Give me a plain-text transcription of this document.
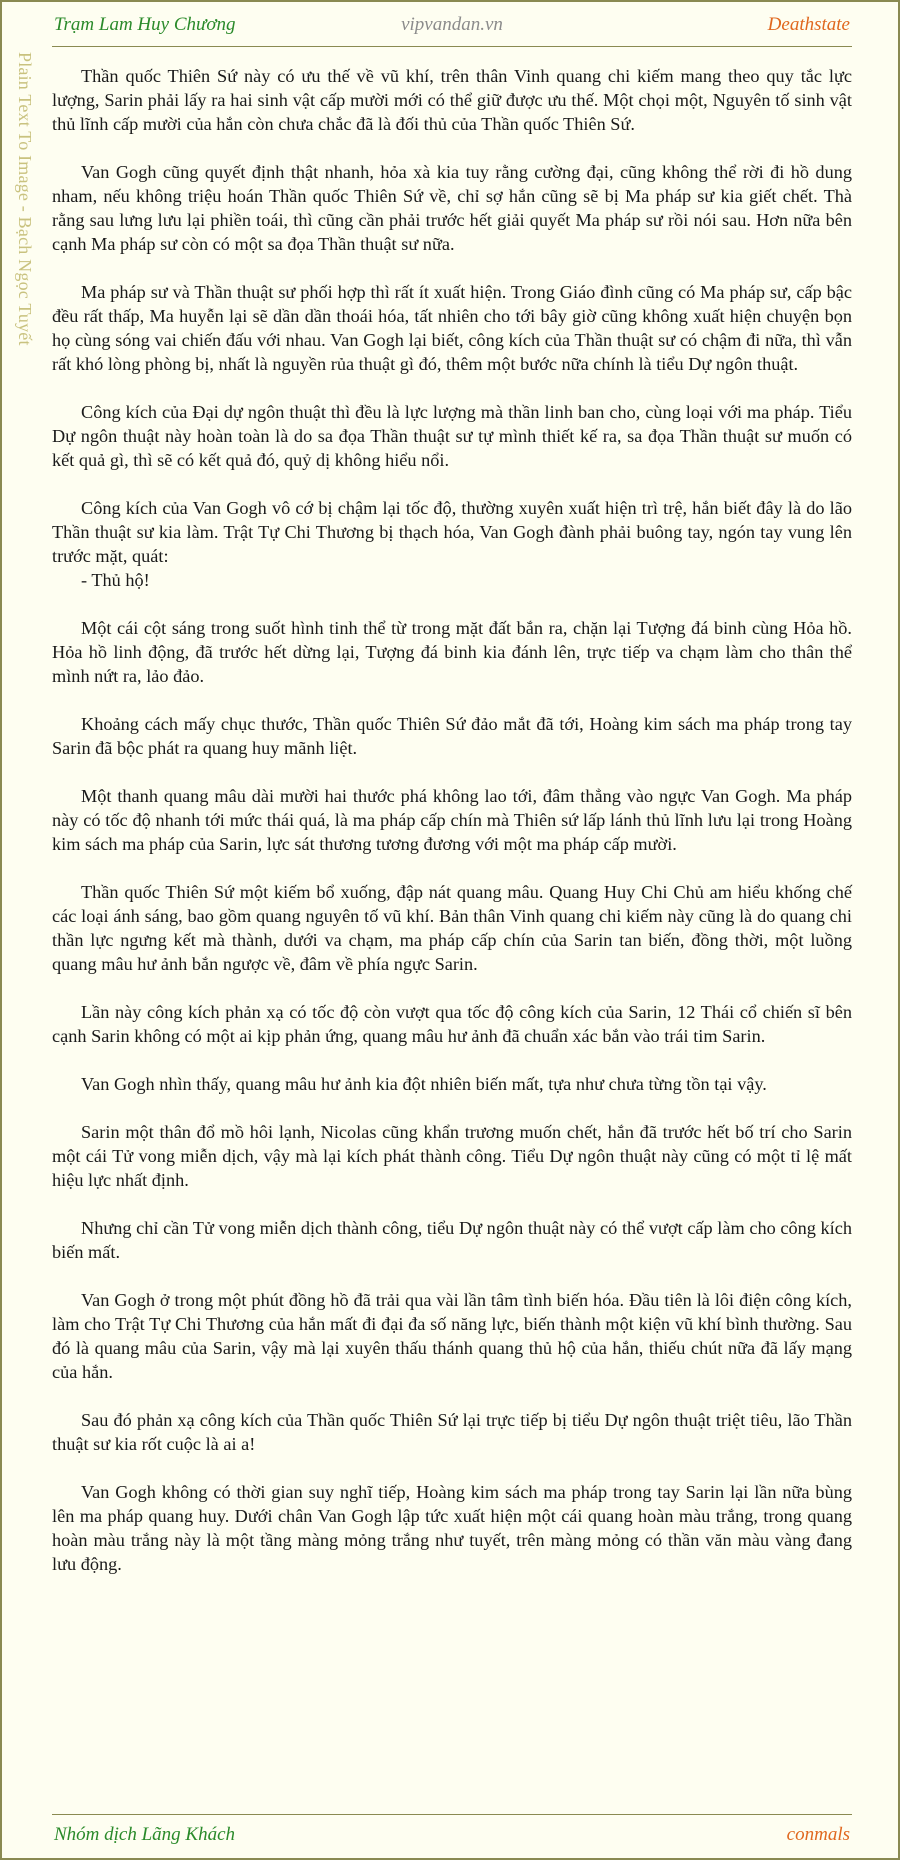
Trạm Lam Huy Chương	vipvandan.vn	Deathstate
Plain Text To Image - Bạch Ngọc Tuyết	Thần quốc Thiên Sứ này có ưu thế về vũ khí, trên thân Vinh quang chi kiếm mang theo quy tắc lực lượng, Sarin phải lấy ra hai sinh vật cấp mười mới có thể giữ được ưu thế. Một chọi một, Nguyên tố sinh vật thủ lĩnh cấp mười của hắn còn chưa chắc đã là đối thủ của Thần quốc Thiên Sứ.

Van Gogh cũng quyết định thật nhanh, hỏa xà kia tuy rằng cường đại, cũng không thể rời đi hồ dung nham, nếu không triệu hoán Thần quốc Thiên Sứ về, chỉ sợ hắn cũng sẽ bị Ma pháp sư kia giết chết. Thà rằng sau lưng lưu lại phiền toái, thì cũng cần phải trước hết giải quyết Ma pháp sư rồi nói sau. Hơn nữa bên cạnh Ma pháp sư còn có một sa đọa Thần thuật sư nữa.

Ma pháp sư và Thần thuật sư phối hợp thì rất ít xuất hiện. Trong Giáo đình cũng có Ma pháp sư, cấp bậc đều rất thấp, Ma huyễn lại sẽ dần dần thoái hóa, tất nhiên cho tới bây giờ cũng không xuất hiện chuyện bọn họ cùng sóng vai chiến đấu với nhau. Van Gogh lại biết, công kích của Thần thuật sư có chậm đi nữa, thì vẫn rất khó lòng phòng bị, nhất là nguyền rủa thuật gì đó, thêm một bước nữa chính là tiểu Dự ngôn thuật.

Công kích của Đại dự ngôn thuật thì đều là lực lượng mà thần linh ban cho, cùng loại với ma pháp. Tiểu Dự ngôn thuật này hoàn toàn là do sa đọa Thần thuật sư tự mình thiết kế ra, sa đọa Thần thuật sư muốn có kết quả gì, thì sẽ có kết quả đó, quỷ dị không hiểu nổi.

Công kích của Van Gogh vô cớ bị chậm lại tốc độ, thường xuyên xuất hiện trì trệ, hắn biết đây là do lão Thần thuật sư kia làm. Trật Tự Chi Thương bị thạch hóa, Van Gogh đành phải buông tay, ngón tay vung lên trước mặt, quát:
- Thủ hộ!

Một cái cột sáng trong suốt hình tinh thể từ trong mặt đất bắn ra, chặn lại Tượng đá binh cùng Hỏa hồ. Hỏa hồ linh động, đã trước hết dừng lại, Tượng đá binh kia đánh lên, trực tiếp va chạm làm cho thân thể mình nứt ra, lảo đảo.

Khoảng cách mấy chục thước, Thần quốc Thiên Sứ đảo mắt đã tới, Hoàng kim sách ma pháp trong tay Sarin đã bộc phát ra quang huy mãnh liệt.

Một thanh quang mâu dài mười hai thước phá không lao tới, đâm thẳng vào ngực Van Gogh. Ma pháp này có tốc độ nhanh tới mức thái quá, là ma pháp cấp chín mà Thiên sứ lấp lánh thủ lĩnh lưu lại trong Hoàng kim sách ma pháp của Sarin, lực sát thương tương đương với một ma pháp cấp mười.

Thần quốc Thiên Sứ một kiếm bổ xuống, đập nát quang mâu. Quang Huy Chi Chủ am hiểu khống chế các loại ánh sáng, bao gồm quang nguyên tố vũ khí. Bản thân Vinh quang chi kiếm này cũng là do quang chi thần lực ngưng kết mà thành, dưới va chạm, ma pháp cấp chín của Sarin tan biến, đồng thời, một luồng quang mâu hư ảnh bắn ngược về, đâm về phía ngực Sarin.

Lần này công kích phản xạ có tốc độ còn vượt qua tốc độ công kích của Sarin, 12 Thái cổ chiến sĩ bên cạnh Sarin không có một ai kịp phản ứng, quang mâu hư ảnh đã chuẩn xác bắn vào trái tim Sarin.

Van Gogh nhìn thấy, quang mâu hư ảnh kia đột nhiên biến mất, tựa như chưa từng tồn tại vậy.

Sarin một thân đổ mồ hôi lạnh, Nicolas cũng khẩn trương muốn chết, hắn đã trước hết bố trí cho Sarin một cái Tử vong miễn dịch, vậy mà lại kích phát thành công. Tiểu Dự ngôn thuật này cũng có một tỉ lệ mất hiệu lực nhất định.

Nhưng chỉ cần Tử vong miễn dịch thành công, tiểu Dự ngôn thuật này có thể vượt cấp làm cho công kích biến mất.

Van Gogh ở trong một phút đồng hồ đã trải qua vài lần tâm tình biến hóa. Đầu tiên là lôi điện công kích, làm cho Trật Tự Chi Thương của hắn mất đi đại đa số năng lực, biến thành một kiện vũ khí bình thường. Sau đó là quang mâu của Sarin, vậy mà lại xuyên thấu thánh quang thủ hộ của hắn, thiếu chút nữa đã lấy mạng của hắn.

Sau đó phản xạ công kích của Thần quốc Thiên Sứ lại trực tiếp bị tiểu Dự ngôn thuật triệt tiêu, lão Thần thuật sư kia rốt cuộc là ai a!

Van Gogh không có thời gian suy nghĩ tiếp, Hoàng kim sách ma pháp trong tay Sarin lại lần nữa bùng lên ma pháp quang huy. Dưới chân Van Gogh lập tức xuất hiện một cái quang hoàn màu trắng, trong quang hoàn màu trắng này là một tầng màng mỏng trắng như tuyết, trên màng mỏng có thần văn màu vàng đang lưu động.

Nhóm dịch Lãng Khách	conmals
